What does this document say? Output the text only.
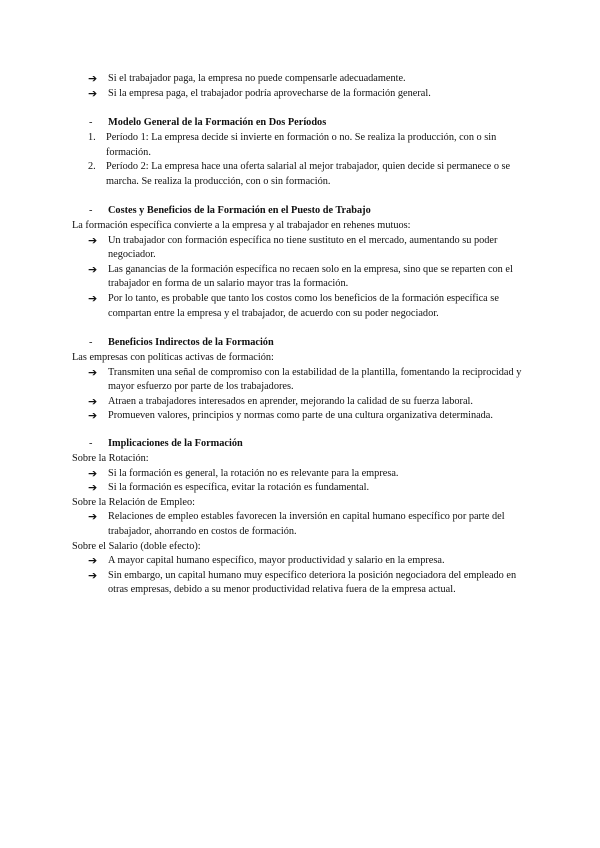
➔ Si el trabajador paga, la empresa no puede compensarle adecuadamente.
➔ Si la empresa paga, el trabajador podría aprovecharse de la formación general.
- Modelo General de la Formación en Dos Períodos
1. Período 1: La empresa decide si invierte en formación o no. Se realiza la producción, con o sin formación.
2. Período 2: La empresa hace una oferta salarial al mejor trabajador, quien decide si permanece o se marcha. Se realiza la producción, con o sin formación.
- Costes y Beneficios de la Formación en el Puesto de Trabajo
La formación específica convierte a la empresa y al trabajador en rehenes mutuos:
➔ Un trabajador con formación específica no tiene sustituto en el mercado, aumentando su poder negociador.
➔ Las ganancias de la formación específica no recaen solo en la empresa, sino que se reparten con el trabajador en forma de un salario mayor tras la formación.
➔ Por lo tanto, es probable que tanto los costos como los beneficios de la formación específica se compartan entre la empresa y el trabajador, de acuerdo con su poder negociador.
- Beneficios Indirectos de la Formación
Las empresas con políticas activas de formación:
➔ Transmiten una señal de compromiso con la estabilidad de la plantilla, fomentando la reciprocidad y mayor esfuerzo por parte de los trabajadores.
➔ Atraen a trabajadores interesados en aprender, mejorando la calidad de su fuerza laboral.
➔ Promueven valores, principios y normas como parte de una cultura organizativa determinada.
- Implicaciones de la Formación
Sobre la Rotación:
➔ Si la formación es general, la rotación no es relevante para la empresa.
➔ Si la formación es específica, evitar la rotación es fundamental.
Sobre la Relación de Empleo:
➔ Relaciones de empleo estables favorecen la inversión en capital humano específico por parte del trabajador, ahorrando en costos de formación.
Sobre el Salario (doble efecto):
➔ A mayor capital humano específico, mayor productividad y salario en la empresa.
➔ Sin embargo, un capital humano muy específico deteriora la posición negociadora del empleado en otras empresas, debido a su menor productividad relativa fuera de la empresa actual.
